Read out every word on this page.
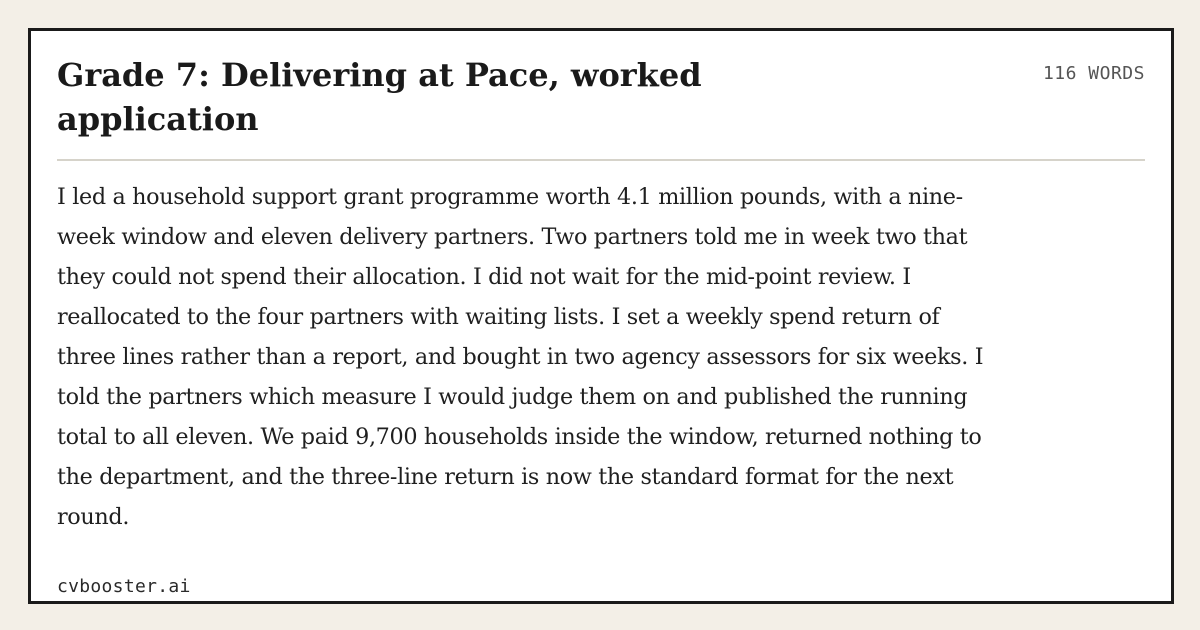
Grade 7: Delivering at Pace, worked application
116 WORDS

I led a household support grant programme worth 4.1 million pounds, with a nine-week window and eleven delivery partners. Two partners told me in week two that they could not spend their allocation. I did not wait for the mid-point review. I reallocated to the four partners with waiting lists. I set a weekly spend return of three lines rather than a report, and bought in two agency assessors for six weeks. I told the partners which measure I would judge them on and published the running total to all eleven. We paid 9,700 households inside the window, returned nothing to the department, and the three-line return is now the standard format for the next round.

cvbooster.ai
